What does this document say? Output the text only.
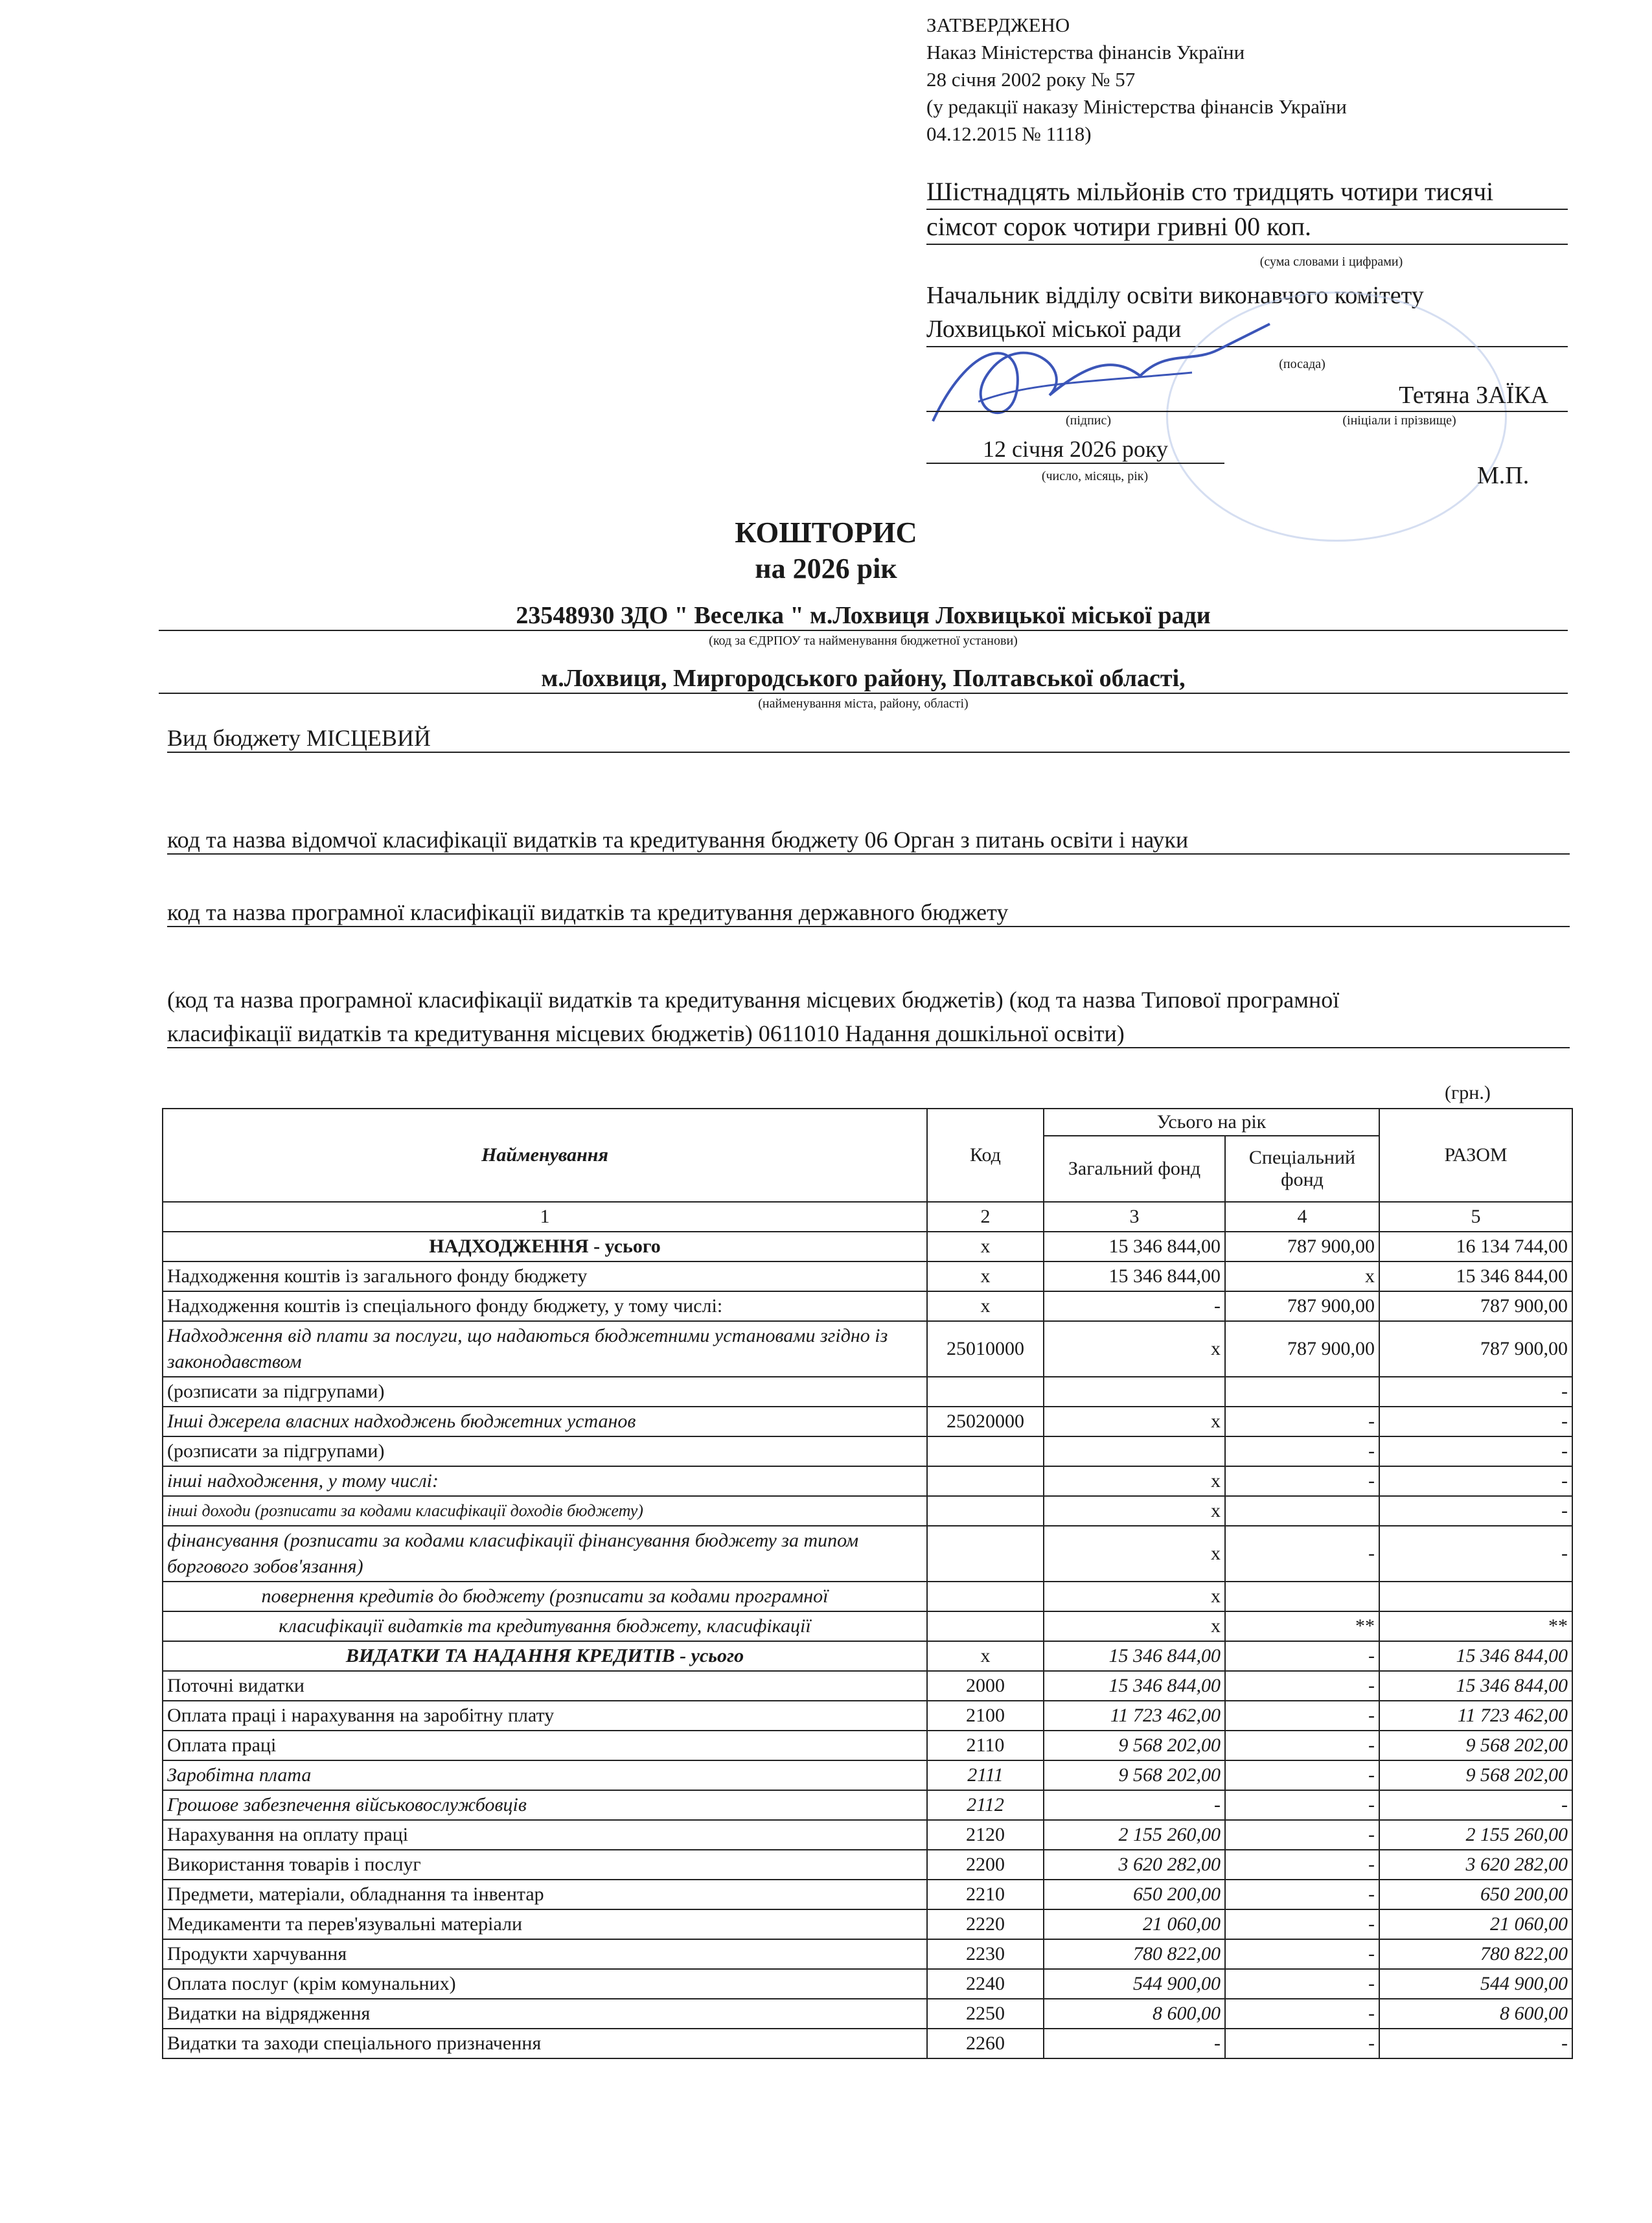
ЗАТВЕРДЖЕНО
Наказ Міністерства фінансів України
28 січня 2002 року № 57
(у редакції наказу Міністерства фінансів України
04.12.2015 № 1118)
Шістнадцять мільйонів сто тридцять чотири тисячі
сімсот сорок чотири гривні 00 коп.
(сума словами і цифрами)
Начальник відділу освіти виконавчого комітету
Лохвицької міської ради
(посада)
Тетяна ЗАЇКА
(підпис)	(ініціали і прізвище)
12 січня 2026 року
(число, місяць, рік)	М.П.
КОШТОРИС
на 2026 рік
23548930 ЗДО " Веселка " м.Лохвиця Лохвицької міської ради
(код за ЄДРПОУ та найменування бюджетної установи)
м.Лохвиця, Миргородського району, Полтавської області,
(найменування міста, району, області)
Вид бюджету МІСЦЕВИЙ
код та назва відомчої класифікації видатків та кредитування бюджету 06 Орган з питань освіти і науки
код та назва програмної класифікації видатків та кредитування державного бюджету
(код та назва програмної класифікації видатків та кредитування місцевих бюджетів) (код та назва Типової програмної
класифікації видатків та кредитування місцевих бюджетів) 0611010 Надання дошкільної освіти)
(грн.)
Найменування	Код	Усього на рік		РАЗОМ
		Загальний фонд	Спеціальний фонд	
1	2	3	4	5
НАДХОДЖЕННЯ - усього	х	15 346 844,00	787 900,00	16 134 744,00
Надходження коштів із загального фонду бюджету	х	15 346 844,00	х	15 346 844,00
Надходження коштів із спеціального фонду бюджету, у тому числі:	х	-	787 900,00	787 900,00
Надходження від плати за послуги, що надаються бюджетними установами згідно із законодавством	25010000	х	787 900,00	787 900,00
(розписати за підгрупами)				-
Інші джерела власних надходжень бюджетних установ	25020000	х	-	-
(розписати за підгрупами)			-	-
інші надходження, у тому числі:		х	-	-
інші доходи (розписати за кодами класифікації доходів бюджету)		х		-
фінансування (розписати за кодами класифікації фінансування бюджету за типом боргового зобов'язання)		х	-	-
повернення кредитів до бюджету (розписати за кодами програмної		х		
класифікації видатків та кредитування бюджету, класифікації		х	**	**
ВИДАТКИ ТА НАДАННЯ КРЕДИТІВ - усього	х	15 346 844,00	-	15 346 844,00
Поточні видатки	2000	15 346 844,00	-	15 346 844,00
Оплата праці і нарахування на заробітну плату	2100	11 723 462,00	-	11 723 462,00
Оплата праці	2110	9 568 202,00	-	9 568 202,00
Заробітна плата	2111	9 568 202,00	-	9 568 202,00
Грошове забезпечення військовослужбовців	2112	-	-	-
Нарахування на оплату праці	2120	2 155 260,00	-	2 155 260,00
Використання товарів і послуг	2200	3 620 282,00	-	3 620 282,00
Предмети, матеріали, обладнання та інвентар	2210	650 200,00	-	650 200,00
Медикаменти та перев'язувальні матеріали	2220	21 060,00	-	21 060,00
Продукти харчування	2230	780 822,00	-	780 822,00
Оплата послуг (крім комунальних)	2240	544 900,00	-	544 900,00
Видатки на відрядження	2250	8 600,00	-	8 600,00
Видатки та заходи спеціального призначення	2260	-	-	-
